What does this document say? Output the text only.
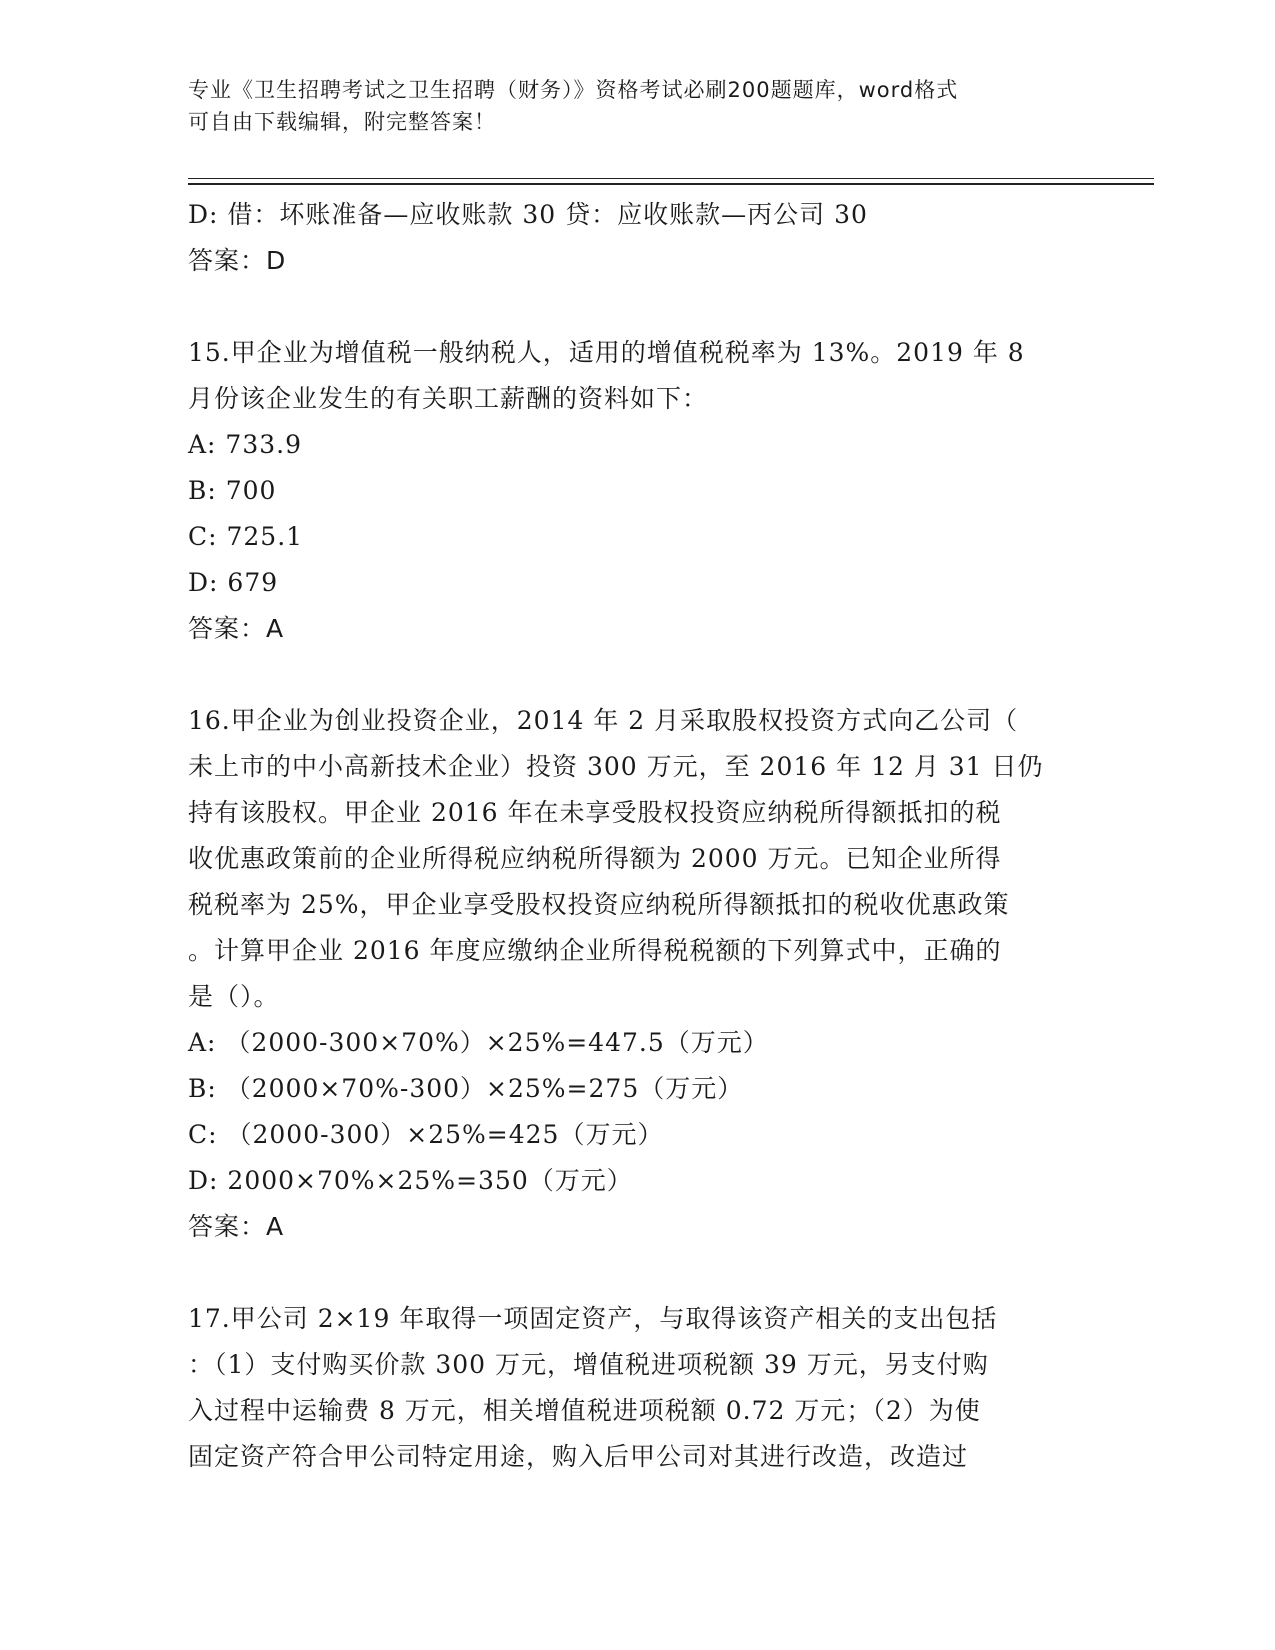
专业《卫生招聘考试之卫生招聘（财务）》资格考试必刷200题题库，word格式
可自由下载编辑，附完整答案！
D: 借：坏账准备—应收账款 30 贷：应收账款—丙公司 30
答案：D
15.甲企业为增值税一般纳税人，适用的增值税税率为 13%。2019 年 8
月份该企业发生的有关职工薪酬的资料如下：
A: 733.9
B: 700
C: 725.1
D: 679
答案：A
16.甲企业为创业投资企业，2014 年 2 月采取股权投资方式向乙公司（
未上市的中小高新技术企业）投资 300 万元，至 2016 年 12 月 31 日仍
持有该股权。甲企业 2016 年在未享受股权投资应纳税所得额抵扣的税
收优惠政策前的企业所得税应纳税所得额为 2000 万元。已知企业所得
税税率为 25%，甲企业享受股权投资应纳税所得额抵扣的税收优惠政策
。计算甲企业 2016 年度应缴纳企业所得税税额的下列算式中，正确的
是（）。
A: （2000-300×70%）×25%=447.5（万元）
B: （2000×70%-300）×25%=275（万元）
C: （2000-300）×25%=425（万元）
D: 2000×70%×25%=350（万元）
答案：A
17.甲公司 2×19 年取得一项固定资产，与取得该资产相关的支出包括
：（1）支付购买价款 300 万元，增值税进项税额 39 万元，另支付购
入过程中运输费 8 万元，相关增值税进项税额 0.72 万元；（2）为使
固定资产符合甲公司特定用途，购入后甲公司对其进行改造，改造过
